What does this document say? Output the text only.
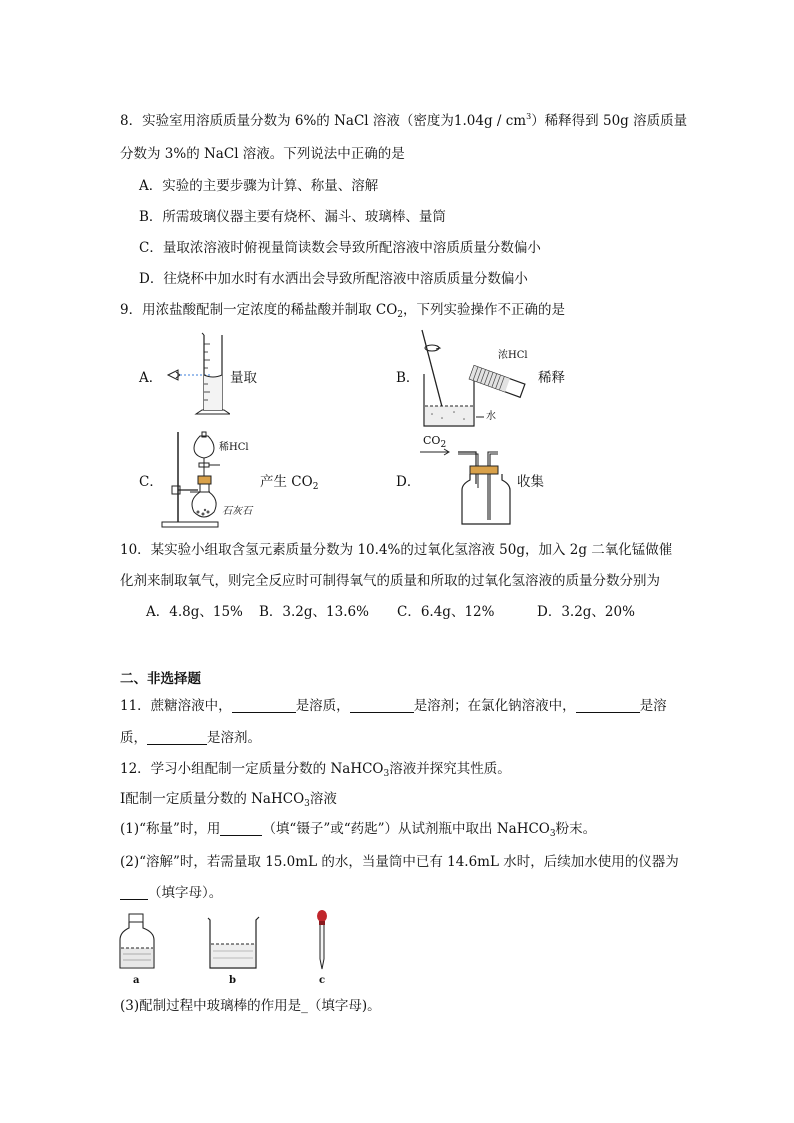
8．实验室用溶质质量分数为 6%的 NaCl 溶液（密度为$1.04g / cm^3$）稀释得到 50g 溶质质量
分数为 3%的 NaCl 溶液。下列说法中正确的是
A．实验的主要步骤为计算、称量、溶解
B．所需玻璃仪器主要有烧杯、漏斗、玻璃棒、量筒
C．量取浓溶液时俯视量筒读数会导致所配溶液中溶质质量分数偏小
D．往烧杯中加水时有水洒出会导致所配溶液中溶质质量分数偏小
9．用浓盐酸配制一定浓度的稀盐酸并制取 $CO_2$，下列实验操作不正确的是
A．	量取	B．
浓HCl
水
稀释
C．
稀HCl
石灰石
产生 $CO_2$	D．
$CO_2$
收集
10．某实验小组取含氢元素质量分数为 10.4%的过氧化氢溶液 50g，加入 2g 二氧化锰做催
化剂来制取氧气，则完全反应时可制得氧气的质量和所取的过氧化氢溶液的质量分数分别为
A．4.8g、15% B．3.2g、13.6% C．6.4g、12%	D．3.2g、20%
二、非选择题
11．蔗糖溶液中，	是溶质，	是溶剂；在氯化钠溶液中，	是溶
质，	是溶剂。
12．学习小组配制一定质量分数的 NaHCO$_3$溶液并探究其性质。
Ⅰ配制一定质量分数的 NaHCO$_3$溶液
(1)“称量”时，用	（填“镊子”或“药匙”）从试剂瓶中取出 NaHCO$_3$粉末。
(2)“溶解”时，若需量取 15.0mL 的水，当量筒中已有 14.6mL 水时，后续加水使用的仪器为
（填字母）。
a	b	c
(3)配制过程中玻璃棒的作用是_（填字母)。
